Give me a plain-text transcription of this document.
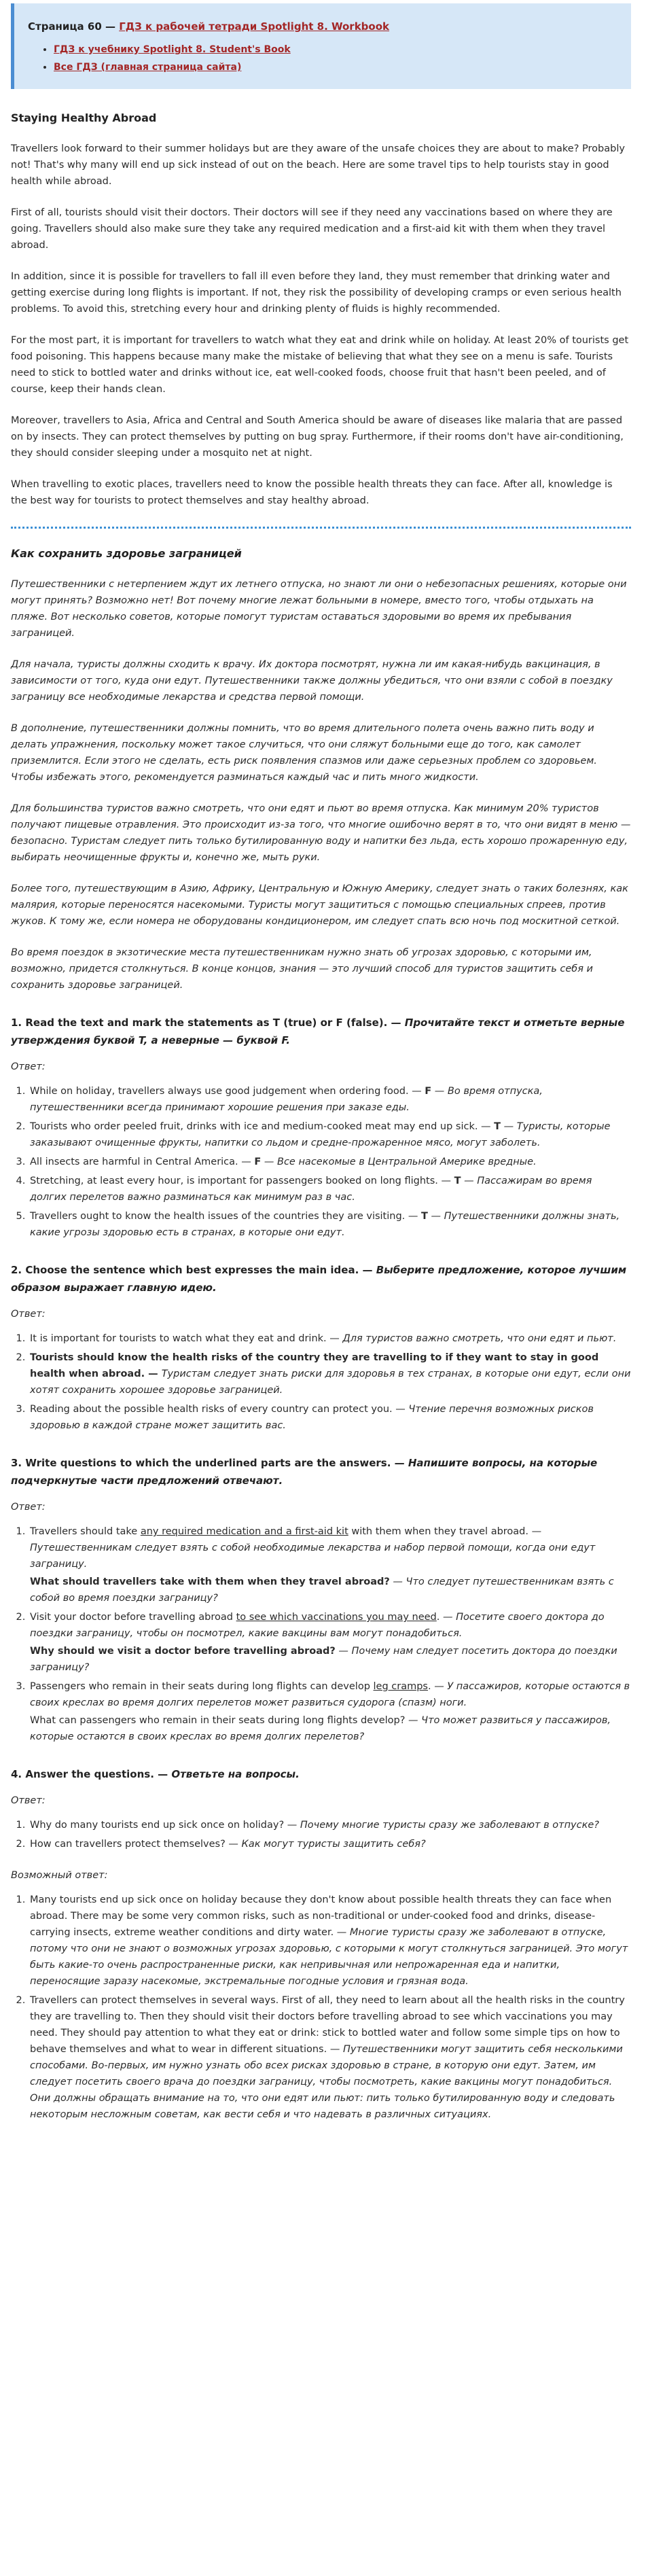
Страница 60 — ГДЗ к рабочей тетради Spotlight 8. Workbook
• ГДЗ к учебнику Spotlight 8. Student's Book
• Все ГДЗ (главная страница сайта)
Staying Healthy Abroad

Travellers look forward to their summer holidays but are they aware of the unsafe choices they are about to make? Probably not! That's why many will end up sick instead of out on the beach. Here are some travel tips to help tourists stay in good health while abroad.

First of all, tourists should visit their doctors. Their doctors will see if they need any vaccinations based on where they are going. Travellers should also make sure they take any required medication and a first-aid kit with them when they travel abroad.

In addition, since it is possible for travellers to fall ill even before they land, they must remember that drinking water and getting exercise during long flights is important. If not, they risk the possibility of developing cramps or even serious health problems. To avoid this, stretching every hour and drinking plenty of fluids is highly recommended.

For the most part, it is important for travellers to watch what they eat and drink while on holiday. At least 20% of tourists get food poisoning. This happens because many make the mistake of believing that what they see on a menu is safe. Tourists need to stick to bottled water and drinks without ice, eat well-cooked foods, choose fruit that hasn't been peeled, and of course, keep their hands clean.

Moreover, travellers to Asia, Africa and Central and South America should be aware of diseases like malaria that are passed on by insects. They can protect themselves by putting on bug spray. Furthermore, if their rooms don't have air-conditioning, they should consider sleeping under a mosquito net at night.

When travelling to exotic places, travellers need to know the possible health threats they can face. After all, knowledge is the best way for tourists to protect themselves and stay healthy abroad.

Как сохранить здоровье заграницей

Путешественники с нетерпением ждут их летнего отпуска, но знают ли они о небезопасных решениях, которые они могут принять? Возможно нет! Вот почему многие лежат больными в номере, вместо того, чтобы отдыхать на пляже. Вот несколько советов, которые помогут туристам оставаться здоровыми во время их пребывания заграницей.

Для начала, туристы должны сходить к врачу. Их доктора посмотрят, нужна ли им какая-нибудь вакцинация, в зависимости от того, куда они едут. Путешественники также должны убедиться, что они взяли с собой в поездку заграницу все необходимые лекарства и средства первой помощи.

В дополнение, путешественники должны помнить, что во время длительного полета очень важно пить воду и делать упражнения, поскольку может такое случиться, что они сляжут больными еще до того, как самолет приземлится. Если этого не сделать, есть риск появления спазмов или даже серьезных проблем со здоровьем. Чтобы избежать этого, рекомендуется разминаться каждый час и пить много жидкости.

Для большинства туристов важно смотреть, что они едят и пьют во время отпуска. Как минимум 20% туристов получают пищевые отравления. Это происходит из-за того, что многие ошибочно верят в то, что они видят в меню — безопасно. Туристам следует пить только бутилированную воду и напитки без льда, есть хорошо прожаренную еду, выбирать неочищенные фрукты и, конечно же, мыть руки.

Более того, путешествующим в Азию, Африку, Центральную и Южную Америку, следует знать о таких болезнях, как малярия, которые переносятся насекомыми. Туристы могут защититься с помощью специальных спреев, против жуков. К тому же, если номера не оборудованы кондиционером, им следует спать всю ночь под москитной сеткой.

Во время поездок в экзотические места путешественникам нужно знать об угрозах здоровью, с которыми им, возможно, придется столкнуться. В конце концов, знания — это лучший способ для туристов защитить себя и сохранить здоровье заграницей.

1. Read the text and mark the statements as T (true) or F (false). — Прочитайте текст и отметьте верные утверждения буквой T, а неверные — буквой F.
Ответ:
1. While on holiday, travellers always use good judgement when ordering food. — F — Во время отпуска, путешественники всегда принимают хорошие решения при заказе еды.
2. Tourists who order peeled fruit, drinks with ice and medium-cooked meat may end up sick. — T — Туристы, которые заказывают очищенные фрукты, напитки со льдом и средне-прожаренное мясо, могут заболеть.
3. All insects are harmful in Central America. — F — Все насекомые в Центральной Америке вредные.
4. Stretching, at least every hour, is important for passengers booked on long flights. — T — Пассажирам во время долгих перелетов важно разминаться как минимум раз в час.
5. Travellers ought to know the health issues of the countries they are visiting. — T — Путешественники должны знать, какие угрозы здоровью есть в странах, в которые они едут.
2. Choose the sentence which best expresses the main idea. — Выберите предложение, которое лучшим образом выражает главную идею.
Ответ:
1. It is important for tourists to watch what they eat and drink. — Для туристов важно смотреть, что они едят и пьют.
2. Tourists should know the health risks of the country they are travelling to if they want to stay in good health when abroad. — Туристам следует знать риски для здоровья в тех странах, в которые они едут, если они хотят сохранить хорошее здоровье заграницей.
3. Reading about the possible health risks of every country can protect you. — Чтение перечня возможных рисков здоровью в каждой стране может защитить вас.
3. Write questions to which the underlined parts are the answers. — Напишите вопросы, на которые подчеркнутые части предложений отвечают.
Ответ:
1. Travellers should take any required medication and a first-aid kit with them when they travel abroad. — Путешественникам следует взять с собой необходимые лекарства и набор первой помощи, когда они едут заграницу.
What should travellers take with them when they travel abroad? — Что следует путешественникам взять с собой во время поездки заграницу?
2. Visit your doctor before travelling abroad to see which vaccinations you may need. — Посетите своего доктора до поездки заграницу, чтобы он посмотрел, какие вакцины вам могут понадобиться.
Why should we visit a doctor before travelling abroad? — Почему нам следует посетить доктора до поездки заграницу?
3. Passengers who remain in their seats during long flights can develop leg cramps. — У пассажиров, которые остаются в своих креслах во время долгих перелетов может развиться судорога (спазм) ноги.
What can passengers who remain in their seats during long flights develop? — Что может развиться у пассажиров, которые остаются в своих креслах во время долгих перелетов?
4. Answer the questions. — Ответьте на вопросы.
Ответ:
1. Why do many tourists end up sick once on holiday? — Почему многие туристы сразу же заболевают в отпуске?
2. How can travellers protect themselves? — Как могут туристы защитить себя?
Возможный ответ:
1. Many tourists end up sick once on holiday because they don't know about possible health threats they can face when abroad. There may be some very common risks, such as non-traditional or under-cooked food and drinks, disease-carrying insects, extreme weather conditions and dirty water. — Многие туристы сразу же заболевают в отпуске, потому что они не знают о возможных угрозах здоровью, с которыми к могут столкнуться заграницей. Это могут быть какие-то очень распространенные риски, как непривычная или непрожаренная еда и напитки, переносящие заразу насекомые, экстремальные погодные условия и грязная вода.
2. Travellers can protect themselves in several ways. First of all, they need to learn about all the health risks in the country they are travelling to. Then they should visit their doctors before travelling abroad to see which vaccinations you may need. They should pay attention to what they eat or drink: stick to bottled water and follow some simple tips on how to behave themselves and what to wear in different situations. — Путешественники могут защитить себя несколькими способами. Во-первых, им нужно узнать обо всех рисках здоровью в стране, в которую они едут. Затем, им следует посетить своего врача до поездки заграницу, чтобы посмотреть, какие вакцины могут понадобиться. Они должны обращать внимание на то, что они едят или пьют: пить только бутилированную воду и следовать некоторым несложным советам, как вести себя и что надевать в различных ситуациях.
